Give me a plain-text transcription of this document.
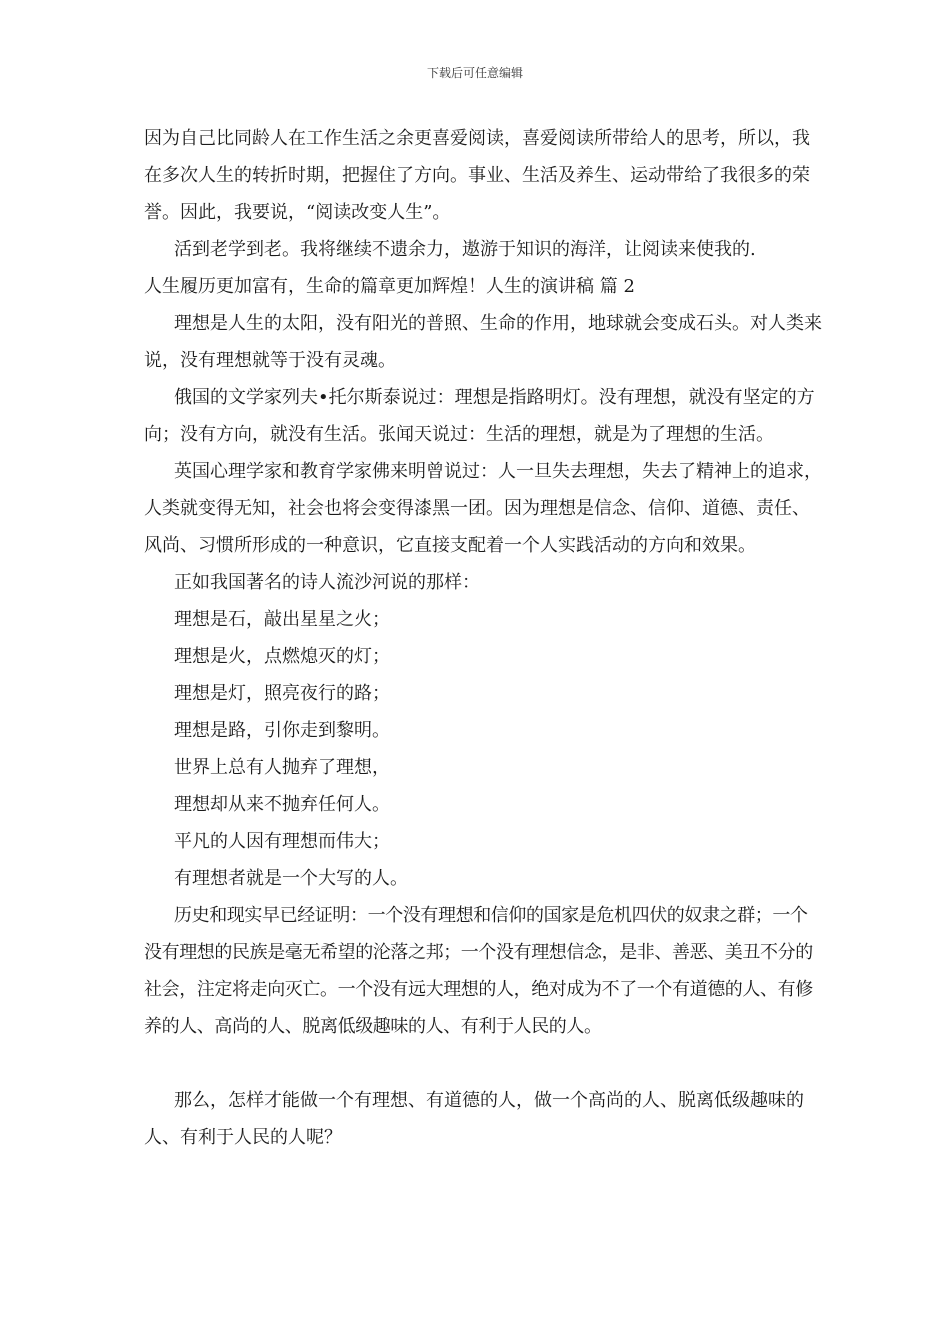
下载后可任意编辑

因为自己比同龄人在工作生活之余更喜爱阅读，喜爱阅读所带给人的思考，所以，我在多次人生的转折时期，把握住了方向。事业、生活及养生、运动带给了我很多的荣誉。因此，我要说，“阅读改变人生”。

活到老学到老。我将继续不遗余力，遨游于知识的海洋，让阅读来使我的.

人生履历更加富有，生命的篇章更加辉煌！人生的演讲稿 篇 2

理想是人生的太阳，没有阳光的普照、生命的作用，地球就会变成石头。对人类来说，没有理想就等于没有灵魂。

俄国的文学家列夫•托尔斯泰说过：理想是指路明灯。没有理想，就没有坚定的方向；没有方向，就没有生活。张闻天说过：生活的理想，就是为了理想的生活。

英国心理学家和教育学家佛来明曾说过：人一旦失去理想，失去了精神上的追求，人类就变得无知，社会也将会变得漆黑一团。因为理想是信念、信仰、道德、责任、风尚、习惯所形成的一种意识，它直接支配着一个人实践活动的方向和效果。

正如我国著名的诗人流沙河说的那样：

理想是石，敲出星星之火；

理想是火，点燃熄灭的灯；

理想是灯，照亮夜行的路；

理想是路，引你走到黎明。

世界上总有人抛弃了理想，

理想却从来不抛弃任何人。

平凡的人因有理想而伟大；

有理想者就是一个大写的人。

历史和现实早已经证明：一个没有理想和信仰的国家是危机四伏的奴隶之群；一个没有理想的民族是毫无希望的沦落之邦；一个没有理想信念，是非、善恶、美丑不分的社会，注定将走向灭亡。一个没有远大理想的人，绝对成为不了一个有道德的人、有修养的人、高尚的人、脱离低级趣味的人、有利于人民的人。

那么，怎样才能做一个有理想、有道德的人，做一个高尚的人、脱离低级趣味的人、有利于人民的人呢？
